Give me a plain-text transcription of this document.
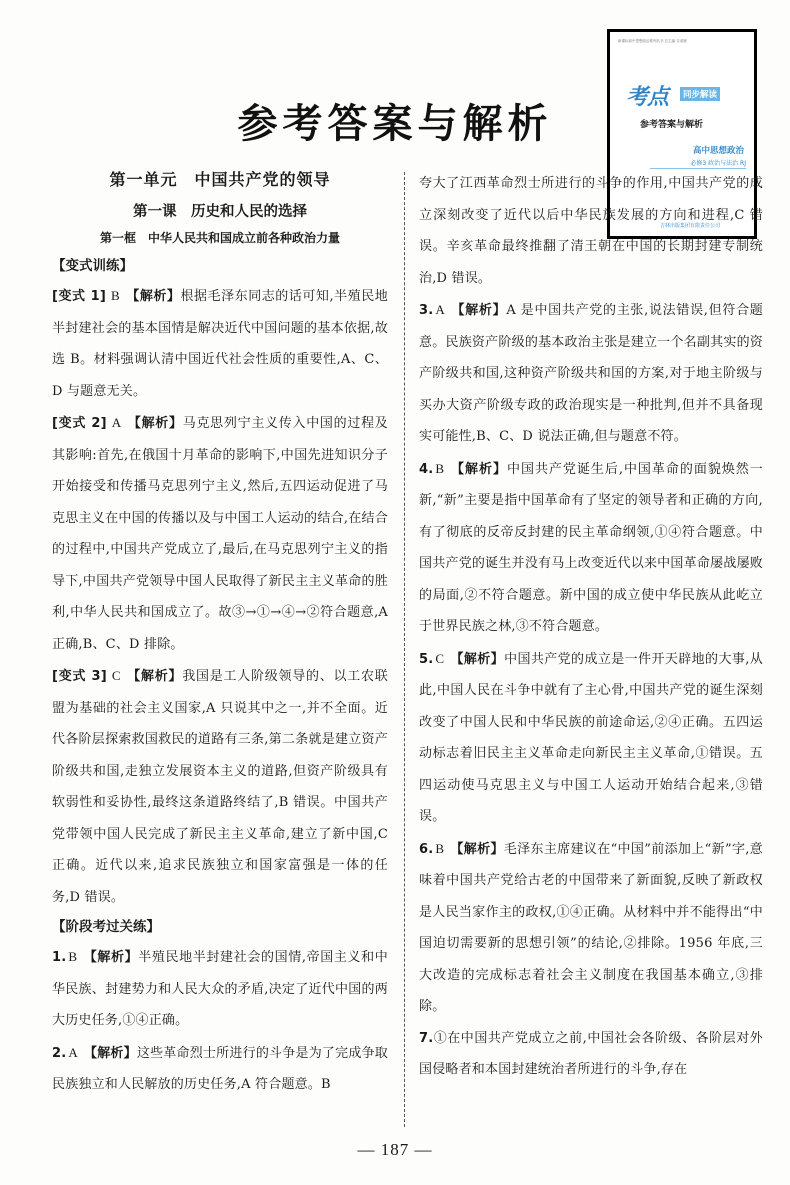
参考答案与解析
新课标高中思想政治系列丛书 总主编 吉成璧
考点	同步解读
参考答案与解析
高中思想政治
必修3 政治与法治 RJ
吉林出版集团有限责任公司
第一单元　中国共产党的领导
第一课　历史和人民的选择
第一框　中华人民共和国成立前各种政治力量
【变式训练】

[变式 1] B 【解析】根据毛泽东同志的话可知,半殖民地半封建社会的基本国情是解决近代中国问题的基本依据,故选 B。材料强调认清中国近代社会性质的重要性,A、C、D 与题意无关。

[变式 2] A 【解析】马克思列宁主义传入中国的过程及其影响:首先,在俄国十月革命的影响下,中国先进知识分子开始接受和传播马克思列宁主义,然后,五四运动促进了马克思主义在中国的传播以及与中国工人运动的结合,在结合的过程中,中国共产党成立了,最后,在马克思列宁主义的指导下,中国共产党领导中国人民取得了新民主主义革命的胜利,中华人民共和国成立了。故③→①→④→②符合题意,A 正确,B、C、D 排除。

[变式 3] C 【解析】我国是工人阶级领导的、以工农联盟为基础的社会主义国家,A 只说其中之一,并不全面。近代各阶层探索救国救民的道路有三条,第二条就是建立资产阶级共和国,走独立发展资本主义的道路,但资产阶级具有软弱性和妥协性,最终这条道路终结了,B 错误。中国共产党带领中国人民完成了新民主主义革命,建立了新中国,C 正确。近代以来,追求民族独立和国家富强是一体的任务,D 错误。

【阶段考过关练】

1. B 【解析】半殖民地半封建社会的国情,帝国主义和中华民族、封建势力和人民大众的矛盾,决定了近代中国的两大历史任务,①④正确。

2. A 【解析】这些革命烈士所进行的斗争是为了完成争取民族独立和人民解放的历史任务,A 符合题意。B

夸大了江西革命烈士所进行的斗争的作用,中国共产党的成立深刻改变了近代以后中华民族发展的方向和进程,C 错误。辛亥革命最终推翻了清王朝在中国的长期封建专制统治,D 错误。

3. A 【解析】A 是中国共产党的主张,说法错误,但符合题意。民族资产阶级的基本政治主张是建立一个名副其实的资产阶级共和国,这种资产阶级共和国的方案,对于地主阶级与买办大资产阶级专政的政治现实是一种批判,但并不具备现实可能性,B、C、D 说法正确,但与题意不符。

4. B 【解析】中国共产党诞生后,中国革命的面貌焕然一新,“新”主要是指中国革命有了坚定的领导者和正确的方向,有了彻底的反帝反封建的民主革命纲领,①④符合题意。中国共产党的诞生并没有马上改变近代以来中国革命屡战屡败的局面,②不符合题意。新中国的成立使中华民族从此屹立于世界民族之林,③不符合题意。

5. C 【解析】中国共产党的成立是一件开天辟地的大事,从此,中国人民在斗争中就有了主心骨,中国共产党的诞生深刻改变了中国人民和中华民族的前途命运,②④正确。五四运动标志着旧民主主义革命走向新民主主义革命,①错误。五四运动使马克思主义与中国工人运动开始结合起来,③错误。

6. B 【解析】毛泽东主席建议在“中国”前添加上“新”字,意味着中国共产党给古老的中国带来了新面貌,反映了新政权是人民当家作主的政权,①④正确。从材料中并不能得出“中国迫切需要新的思想引领”的结论,②排除。1956 年底,三大改造的完成标志着社会主义制度在我国基本确立,③排除。

7.①在中国共产党成立之前,中国社会各阶级、各阶层对外国侵略者和本国封建统治者所进行的斗争,存在

— 187 —
